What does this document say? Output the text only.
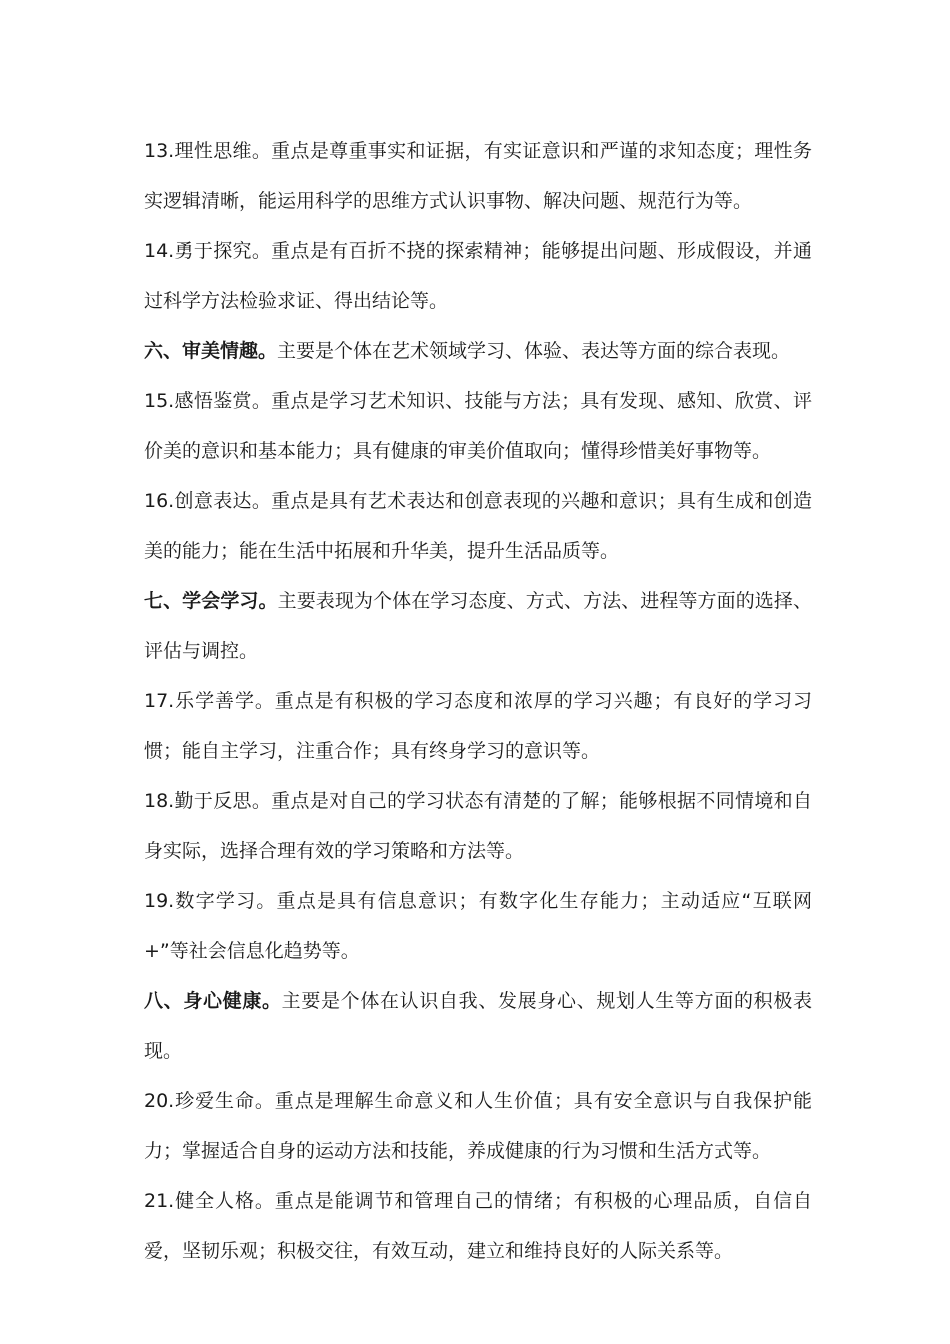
13.理性思维。重点是尊重事实和证据，有实证意识和严谨的求知态度；理性务实逻辑清晰，能运用科学的思维方式认识事物、解决问题、规范行为等。

14.勇于探究。重点是有百折不挠的探索精神；能够提出问题、形成假设，并通过科学方法检验求证、得出结论等。

六、审美情趣。主要是个体在艺术领域学习、体验、表达等方面的综合表现。

15.感悟鉴赏。重点是学习艺术知识、技能与方法；具有发现、感知、欣赏、评价美的意识和基本能力；具有健康的审美价值取向；懂得珍惜美好事物等。

16.创意表达。重点是具有艺术表达和创意表现的兴趣和意识；具有生成和创造美的能力；能在生活中拓展和升华美，提升生活品质等。

七、学会学习。主要表现为个体在学习态度、方式、方法、进程等方面的选择、评估与调控。

17.乐学善学。重点是有积极的学习态度和浓厚的学习兴趣；有良好的学习习惯；能自主学习，注重合作；具有终身学习的意识等。

18.勤于反思。重点是对自己的学习状态有清楚的了解；能够根据不同情境和自身实际，选择合理有效的学习策略和方法等。

19.数字学习。重点是具有信息意识；有数字化生存能力；主动适应“互联网+”等社会信息化趋势等。

八、身心健康。主要是个体在认识自我、发展身心、规划人生等方面的积极表现。

20.珍爱生命。重点是理解生命意义和人生价值；具有安全意识与自我保护能力；掌握适合自身的运动方法和技能，养成健康的行为习惯和生活方式等。

21.健全人格。重点是能调节和管理自己的情绪；有积极的心理品质，自信自爱，坚韧乐观；积极交往，有效互动，建立和维持良好的人际关系等。
